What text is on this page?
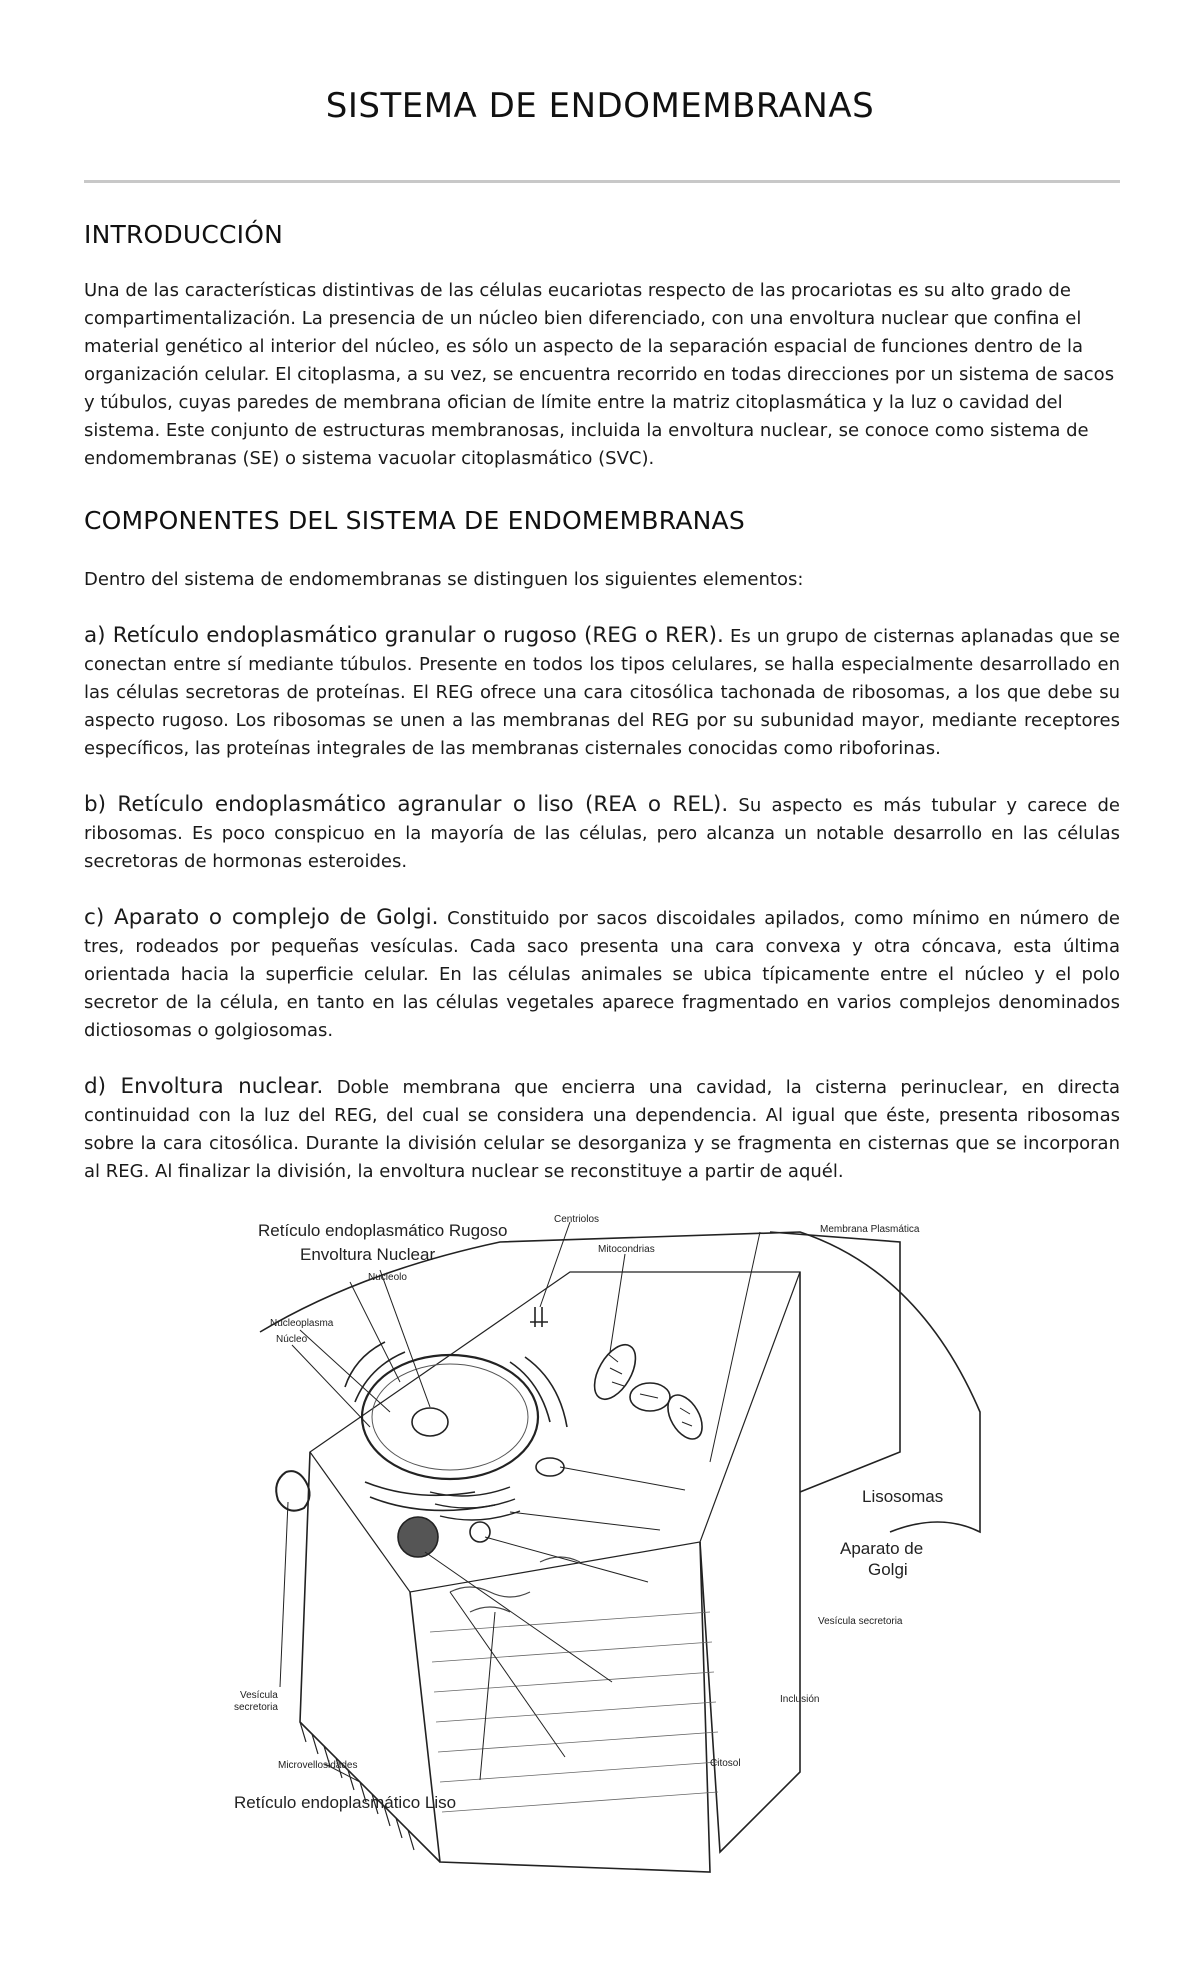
SISTEMA DE ENDOMEMBRANAS
INTRODUCCIÓN

Una de las características distintivas de las células eucariotas respecto de las procariotas es su alto grado de compartimentalización. La presencia de un núcleo bien diferenciado, con una envoltura nuclear que confina el material genético al interior del núcleo, es sólo un aspecto de la separación espacial de funciones dentro de la organización celular. El citoplasma, a su vez, se encuentra recorrido en todas direcciones por un sistema de sacos y túbulos, cuyas paredes de membrana ofician de límite entre la matriz citoplasmática y la luz o cavidad del sistema. Este conjunto de estructuras membranosas, incluida la envoltura nuclear, se conoce como sistema de endomembranas (SE) o sistema vacuolar citoplasmático (SVC).

COMPONENTES DEL SISTEMA DE ENDOMEMBRANAS

Dentro del sistema de endomembranas se distinguen los siguientes elementos:

a) Retículo endoplasmático granular o rugoso (REG o RER). Es un grupo de cisternas aplanadas que se conectan entre sí mediante túbulos. Presente en todos los tipos celulares, se halla especialmente desarrollado en las células secretoras de proteínas. El REG ofrece una cara citosólica tachonada de ribosomas, a los que debe su aspecto rugoso. Los ribosomas se unen a las membranas del REG por su subunidad mayor, mediante receptores específicos, las proteínas integrales de las membranas cisternales conocidas como riboforinas.

b) Retículo endoplasmático agranular o liso (REA o REL). Su aspecto es más tubular y carece de ribosomas. Es poco conspicuo en la mayoría de las células, pero alcanza un notable desarrollo en las células secretoras de hormonas esteroides.

c) Aparato o complejo de Golgi. Constituido por sacos discoidales apilados, como mínimo en número de tres, rodeados por pequeñas vesículas. Cada saco presenta una cara convexa y otra cóncava, esta última orientada hacia la superficie celular. En las células animales se ubica típicamente entre el núcleo y el polo secretor de la célula, en tanto en las células vegetales aparece fragmentado en varios complejos denominados dictiosomas o golgiosomas.

d) Envoltura nuclear. Doble membrana que encierra una cavidad, la cisterna perinuclear, en directa continuidad con la luz del REG, del cual se considera una dependencia. Al igual que éste, presenta ribosomas sobre la cara citosólica. Durante la división celular se desorganiza y se fragmenta en cisternas que se incorporan al REG. Al finalizar la división, la envoltura nuclear se reconstituye a partir de aquél.

Retículo endoplasmático Rugoso
Envoltura Nuclear
Nucleolo
Nucleoplasma
Núcleo
Centriolos
Membrana Plasmática
Mitocondrias
Lisosomas
Aparato de
Golgi
Vesícula secretoria
Inclusión
Citosol
Vesícula
secretoria
Microvellosidades
Retículo endoplasmático Liso
